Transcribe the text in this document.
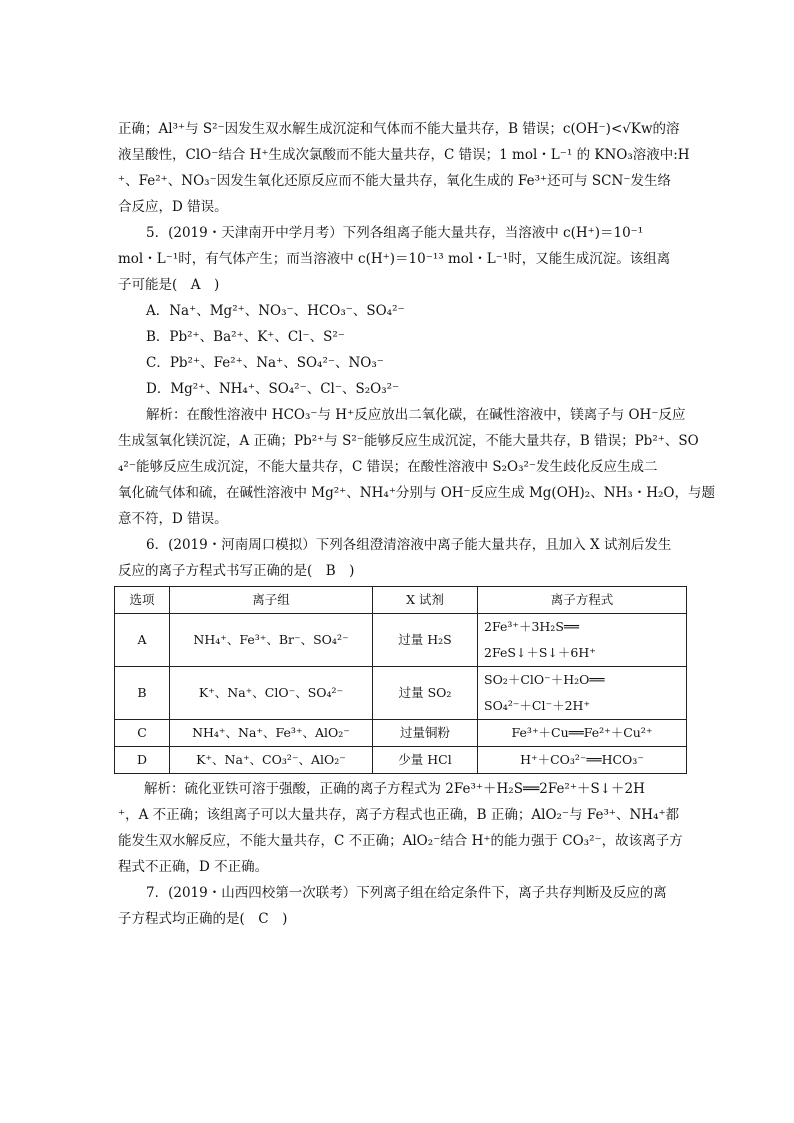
正确；Al³⁺与 S²⁻因发生双水解生成沉淀和气体而不能大量共存，B 错误；c(OH⁻)<√Kw的溶
液呈酸性，ClO⁻结合 H⁺生成次氯酸而不能大量共存，C 错误；1 mol・L⁻¹ 的 KNO₃溶液中:H
⁺、Fe²⁺、NO₃⁻因发生氧化还原反应而不能大量共存，氧化生成的 Fe³⁺还可与 SCN⁻发生络
合反应，D 错误。
5．(2019・天津南开中学月考）下列各组离子能大量共存，当溶液中 c(H⁺)＝10⁻¹
mol・L⁻¹时，有气体产生；而当溶液中 c(H⁺)＝10⁻¹³ mol・L⁻¹时，又能生成沉淀。该组离
子可能是(　A　)
A．Na⁺、Mg²⁺、NO₃⁻、HCO₃⁻、SO₄²⁻
B．Pb²⁺、Ba²⁺、K⁺、Cl⁻、S²⁻
C．Pb²⁺、Fe²⁺、Na⁺、SO₄²⁻、NO₃⁻
D．Mg²⁺、NH₄⁺、SO₄²⁻、Cl⁻、S₂O₃²⁻
解析：在酸性溶液中 HCO₃⁻与 H⁺反应放出二氧化碳，在碱性溶液中，镁离子与 OH⁻反应
生成氢氧化镁沉淀，A 正确；Pb²⁺与 S²⁻能够反应生成沉淀，不能大量共存，B 错误；Pb²⁺、SO
₄²⁻能够反应生成沉淀，不能大量共存，C 错误；在酸性溶液中 S₂O₃²⁻发生歧化反应生成二
氧化硫气体和硫，在碱性溶液中 Mg²⁺、NH₄⁺分别与 OH⁻反应生成 Mg(OH)₂、NH₃・H₂O，与题
意不符，D 错误。
6．(2019・河南周口模拟）下列各组澄清溶液中离子能大量共存，且加入 X 试剂后发生
反应的离子方程式书写正确的是(　B　)
选项	离子组	X 试剂	离子方程式
A	NH₄⁺、Fe³⁺、Br⁻、SO₄²⁻	过量 H₂S	2Fe³⁺＋3H₂S══
2FeS↓＋S↓＋6H⁺

B	K⁺、Na⁺、ClO⁻、SO₄²⁻	过量 SO₂	SO₂＋ClO⁻＋H₂O══
SO₄²⁻＋Cl⁻＋2H⁺

C	NH₄⁺、Na⁺、Fe³⁺、AlO₂⁻	过量铜粉	Fe³⁺＋Cu══Fe²⁺＋Cu²⁺
D	K⁺、Na⁺、CO₃²⁻、AlO₂⁻	少量 HCl	H⁺＋CO₃²⁻══HCO₃⁻
解析：硫化亚铁可溶于强酸，正确的离子方程式为 2Fe³⁺＋H₂S══2Fe²⁺＋S↓＋2H
⁺，A 不正确；该组离子可以大量共存，离子方程式也正确，B 正确；AlO₂⁻与 Fe³⁺、NH₄⁺都
能发生双水解反应，不能大量共存，C 不正确；AlO₂⁻结合 H⁺的能力强于 CO₃²⁻，故该离子方
程式不正确，D 不正确。
7．(2019・山西四校第一次联考）下列离子组在给定条件下，离子共存判断及反应的离
子方程式均正确的是(　C　)
